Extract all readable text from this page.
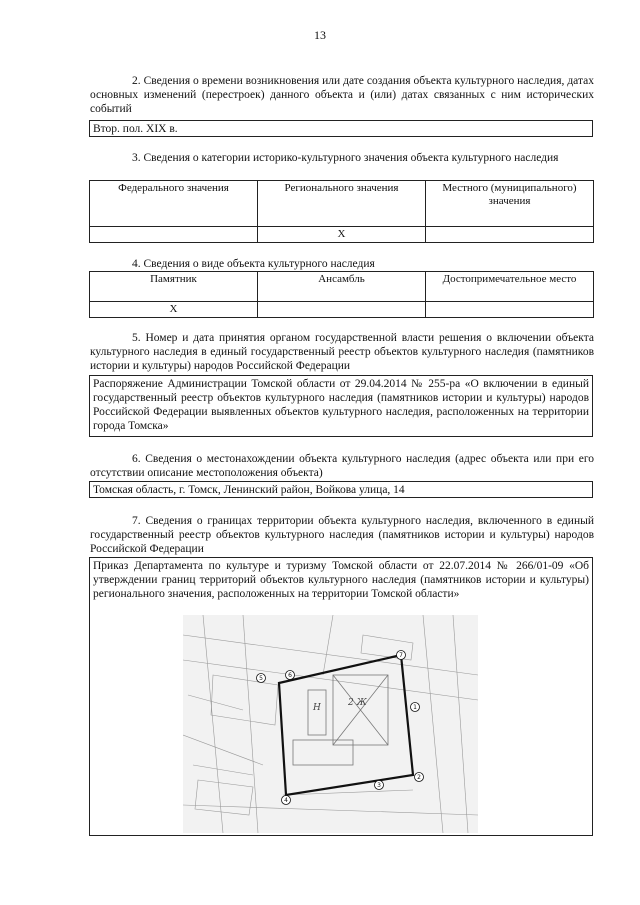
13

2. Сведения о времени возникновения или дате создания объекта культурного наследия, датах основных изменений (перестроек) данного объекта и (или) датах связанных с ним исторических событий

Втор. пол. XIX в.

3. Сведения о категории историко-культурного значения объекта культурного наследия

Федерального значения	Регионального значения	Местного (муниципального) значения
	X	

4. Сведения о виде объекта культурного наследия

Памятник	Ансамбль	Достопримечательное место
X		

5. Номер и дата принятия органом государственной власти решения о включении объекта культурного наследия в единый государственный реестр объектов культурного наследия (памятников истории и культуры) народов Российской Федерации

Распоряжение Администрации Томской области от 29.04.2014 № 255-ра «О включении в единый государственный реестр объектов культурного наследия (памятников истории и культуры) народов Российской Федерации выявленных объектов культурного наследия, расположенных на территории города Томска»

6. Сведения о местонахождении объекта культурного наследия (адрес объекта или при его отсутствии описание местоположения объекта)

Томская область, г. Томск, Ленинский район, Войкова улица, 14

7. Сведения о границах территории объекта культурного наследия, включенного в единый государственный реестр объектов культурного наследия (памятников истории и культуры) народов Российской Федерации

Приказ Департамента по культуре и туризму Томской области от 22.07.2014 № 266/01-09 «Об утверждении границ территорий объектов культурного наследия (памятников истории и культуры) регионального значения, расположенных на территории Томской области»
1
2
3
4
5	6
7
Н	2 Ж
